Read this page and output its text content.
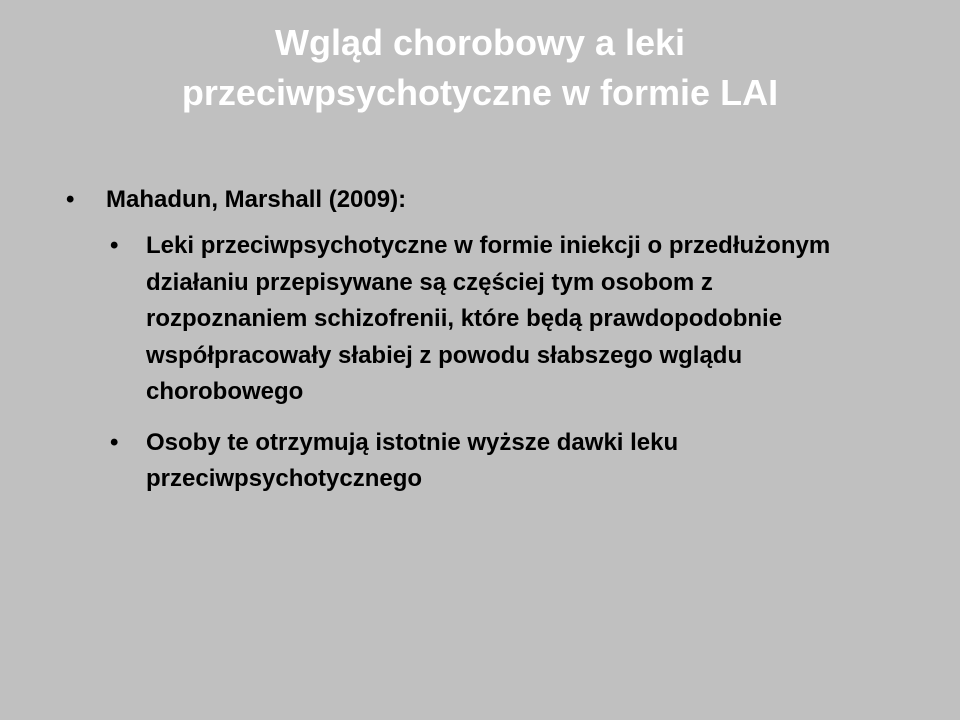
Wgląd chorobowy a leki
przeciwpsychotyczne w formie LAI
• Mahadun, Marshall (2009):
• Leki przeciwpsychotyczne w formie iniekcji o przedłużonym działaniu przepisywane są częściej tym osobom z rozpoznaniem schizofrenii, które będą prawdopodobnie współpracowały słabiej z powodu słabszego wglądu chorobowego
• Osoby te otrzymują istotnie wyższe dawki leku przeciwpsychotycznego
